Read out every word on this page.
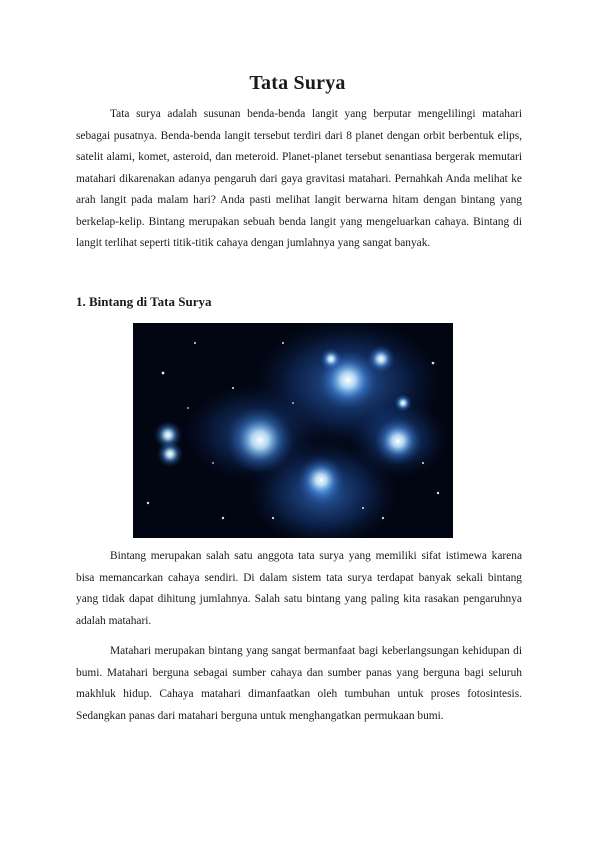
Tata Surya

Tata surya adalah susunan benda-benda langit yang berputar mengelilingi matahari sebagai pusatnya. Benda-benda langit tersebut terdiri dari 8 planet dengan orbit berbentuk elips, satelit alami, komet, asteroid, dan meteroid. Planet-planet tersebut senantiasa bergerak memutari matahari dikarenakan adanya pengaruh dari gaya gravitasi matahari. Pernahkah Anda melihat ke arah langit pada malam hari? Anda pasti melihat langit berwarna hitam dengan bintang yang berkelap-kelip. Bintang merupakan sebuah benda langit yang mengeluarkan cahaya. Bintang di langit terlihat seperti titik-titik cahaya dengan jumlahnya yang sangat banyak.

1. Bintang di Tata Surya

Bintang merupakan salah satu anggota tata surya yang memiliki sifat istimewa karena bisa memancarkan cahaya sendiri. Di dalam sistem tata surya terdapat banyak sekali bintang yang tidak dapat dihitung jumlahnya. Salah satu bintang yang paling kita rasakan pengaruhnya adalah matahari.

Matahari merupakan bintang yang sangat bermanfaat bagi keberlangsungan kehidupan di bumi. Matahari berguna sebagai sumber cahaya dan sumber panas yang berguna bagi seluruh makhluk hidup. Cahaya matahari dimanfaatkan oleh tumbuhan untuk proses fotosintesis. Sedangkan panas dari matahari berguna untuk menghangatkan permukaan bumi.
